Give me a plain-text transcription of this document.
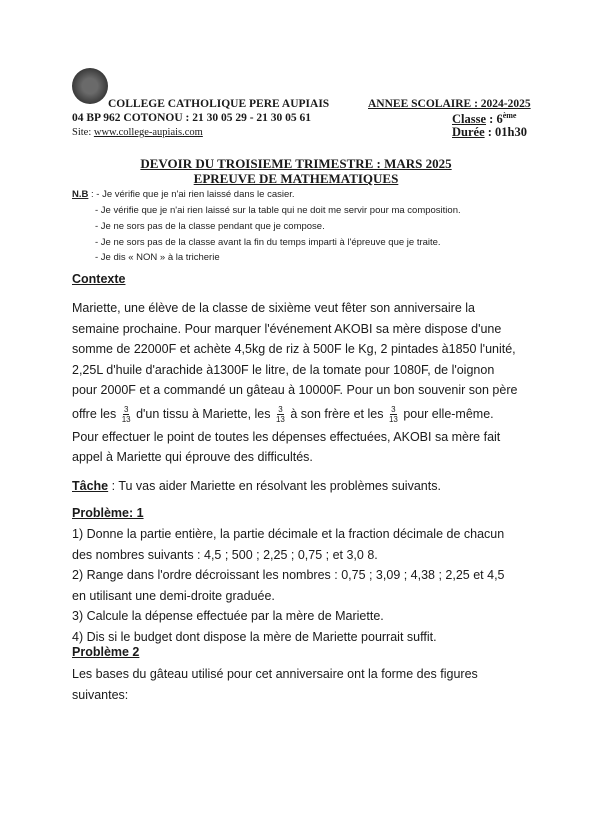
COLLEGE CATHOLIQUE PERE AUPIAIS
04 BP 962 COTONOU : 21 30 05 29 - 21 30 05 61
Site: www.college-aupiais.com
ANNEE SCOLAIRE : 2024-2025
Classe : 6ème
Durée : 01h30
DEVOIR DU TROISIEME TRIMESTRE : MARS 2025
EPREUVE DE MATHEMATIQUES
N.B : - Je vérifie que je n'ai rien laissé dans le casier.
- Je vérifie que je n'ai rien laissé sur la table qui ne doit me servir pour ma composition.
- Je ne sors pas de la classe pendant que je compose.
- Je ne sors pas de la classe avant la fin du temps imparti à l'épreuve que je traite.
- Je dis « NON » à la tricherie
Contexte
Mariette, une élève de la classe de sixième veut fêter son anniversaire la
semaine prochaine. Pour marquer l'événement AKOBI sa mère dispose d'une
somme de 22000F et achète 4,5kg de riz à 500F le Kg, 2 pintades à1850 l'unité,
2,25L d'huile d'arachide à1300F le litre, de la tomate pour 1080F, de l'oignon
pour 2000F et a commandé un gâteau à 10000F. Pour un bon souvenir son père
offre les $\frac{3}{13} d'un$ tissu à Mariette, les $\frac{3}{13}$ à son frère et les $\frac{3}{13}$ pour elle-même.
Pour effectuer le point de toutes les dépenses effectuées, AKOBI sa mère fait
appel à Mariette qui éprouve des difficultés.
Tâche : Tu vas aider Mariette en résolvant les problèmes suivants.
Problème: 1
1) Donne la partie entière, la partie décimale et la fraction décimale de chacun
des nombres suivants : 4,5 ; 500 ; 2,25 ; 0,75 ; et 3,0 8.
2) Range dans l'ordre décroissant les nombres : 0,75 ; 3,09 ; 4,38 ; 2,25 et 4,5
en utilisant une demi-droite graduée.
3) Calcule la dépense effectuée par la mère de Mariette.
4) Dis si le budget dont dispose la mère de Mariette pourrait suffit.
Problème 2
Les bases du gâteau utilisé pour cet anniversaire ont la forme des figures
suivantes:
